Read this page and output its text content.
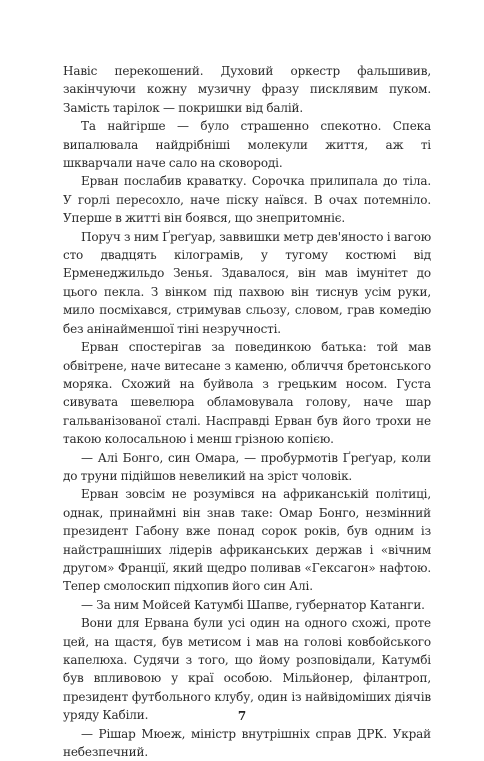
Навіс перекошений. Духовий оркестр фальшивив, закінчуючи кожну музичну фразу писклявим пуком. Замість тарілок — покришки від балій.

Та найгірше — було страшенно спекотно. Спека випалювала найдрібніші молекули життя, аж ті шкварчали наче сало на сковороді.

Ерван послабив краватку. Сорочка прилипала до тіла. У горлі пересохло, наче піску наївся. В очах потемніло. Уперше в житті він боявся, що знепритомніє.

Поруч з ним Ґреґуар, заввишки метр дев'яносто і вагою сто двадцять кілограмів, у тугому костюмі від Ерменеджильдо Зенья. Здавалося, він мав імунітет до цього пекла. З вінком під пахвою він тиснув усім руки, мило посміхався, стримував сльозу, словом, грав комедію без анінайменшої тіні незручності.

Ерван спостерігав за повединкою батька: той мав обвітрене, наче витесане з каменю, обличчя бретонського моряка. Схожий на буйвола з грецьким носом. Густа сивувата шевелюра обламовувала голову, наче шар гальванізованої сталі. Насправді Ерван був його трохи не такою колосальною і менш грізною копією.

— Алі Бонго, син Омара, — пробурмотів Ґреґуар, коли до труни підійшов невеликий на зріст чоловік.

Ерван зовсім не розумівся на африканській політиці, однак, принаймні він знав таке: Омар Бонго, незмінний президент Габону вже понад сорок років, був одним із найстрашніших лідерів африканських держав і «вічним другом» Франції, який щедро поливав «Гексагон» нафтою. Тепер смолоскип підхопив його син Алі.

— За ним Мойсей Катумбі Шапве, губернатор Катанги.

Вони для Ервана були усі один на одного схожі, проте цей, на щастя, був метисом і мав на голові ковбойського капелюха. Судячи з того, що йому розповідали, Катумбі був впливовою у краї особою. Мільйонер, філантроп, президент футбольного клубу, один із найвідоміших діячів уряду Кабіли.

— Рішар Мюеж, міністр внутрішніх справ ДРК. Украй небезпечний.

7
